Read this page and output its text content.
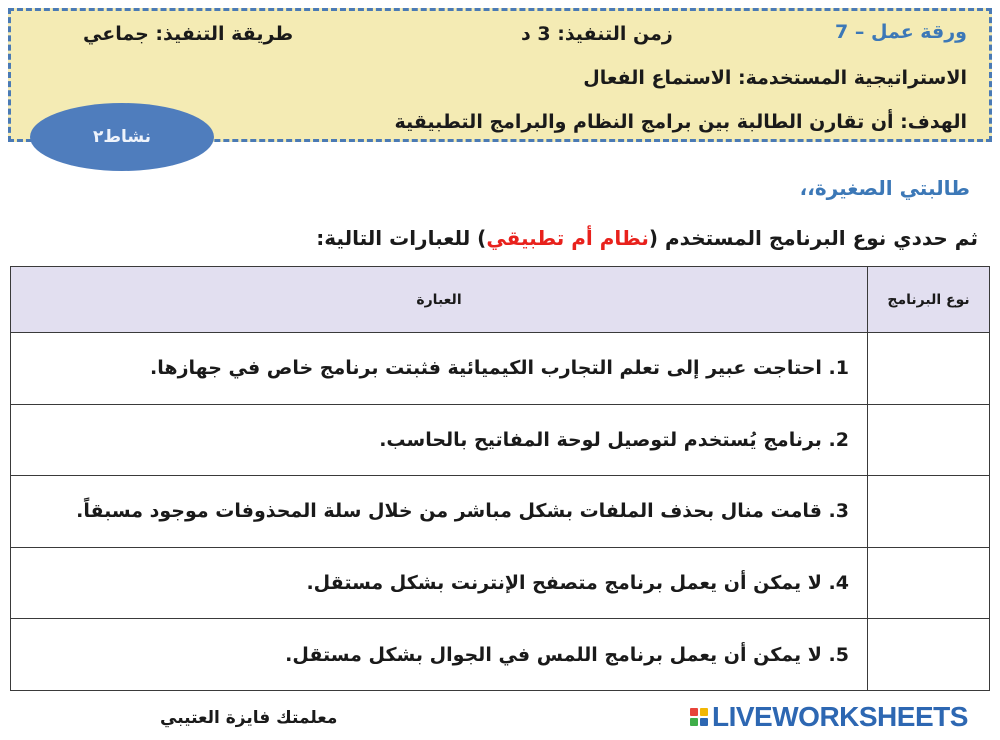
ورقة عمل – 7
زمن التنفيذ: 3 د
طريقة التنفيذ: جماعي
الاستراتيجية المستخدمة: الاستماع الفعال
الهدف: أن تقارن الطالبة بين برامج النظام والبرامج التطبيقية
نشاط٢
طالبتي الصغيرة،،
ثم حددي نوع البرنامج المستخدم (نظام أم تطبيقي) للعبارات التالية:
نوع البرنامج	العبارة
	1. احتاجت عبير إلى تعلم التجارب الكيميائية فثبتت برنامج خاص في جهازها.
	2. برنامج يُستخدم لتوصيل لوحة المفاتيح بالحاسب.
	3. قامت منال بحذف الملفات بشكل مباشر من خلال سلة المحذوفات موجود مسبقاً.
	4. لا يمكن أن يعمل برنامج متصفح الإنترنت بشكل مستقل.
	5. لا يمكن أن يعمل برنامج اللمس في الجوال بشكل مستقل.
معلمتك فايزة العتيبي	LIVEWORKSHEETS
